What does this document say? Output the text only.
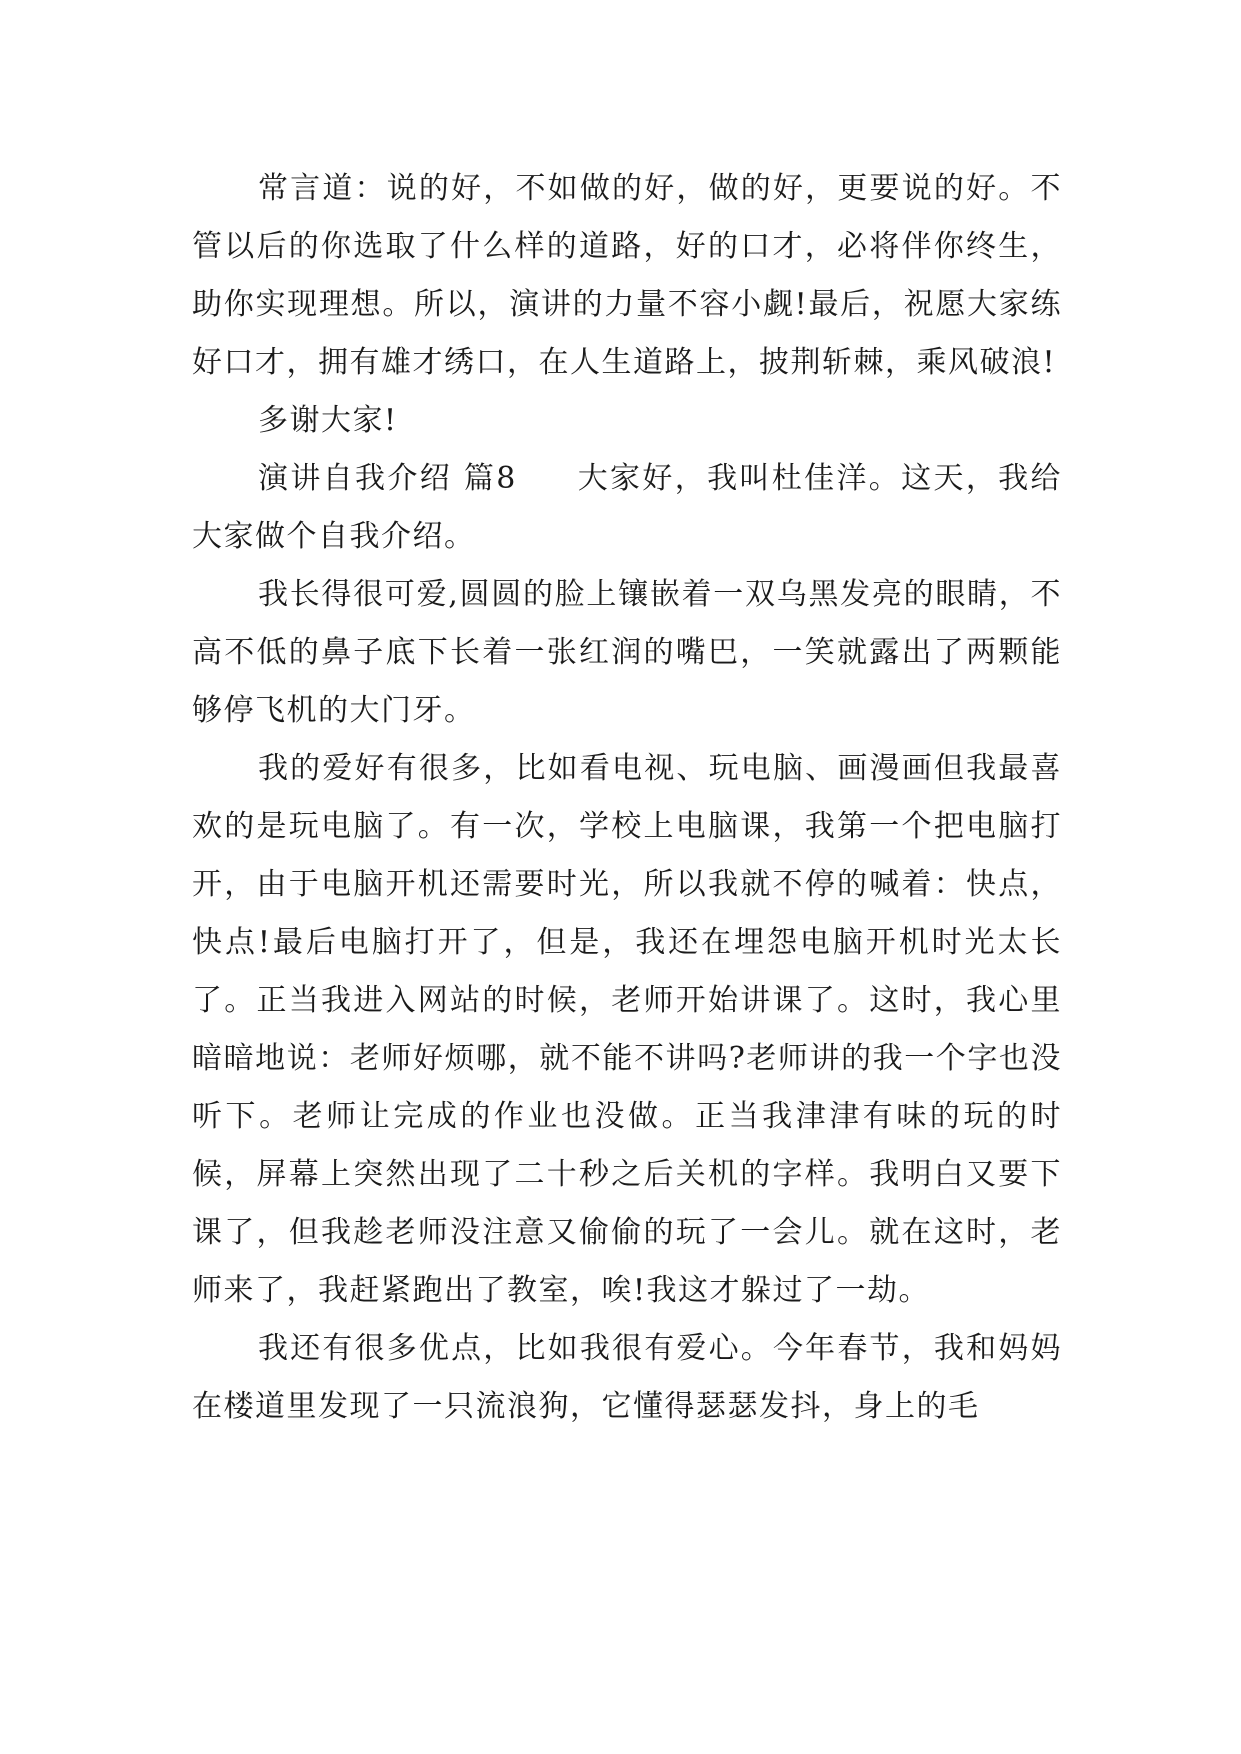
常言道：说的好，不如做的好，做的好，更要说的好。不管以后的你选取了什么样的道路，好的口才，必将伴你终生，助你实现理想。所以，演讲的力量不容小觑!最后，祝愿大家练好口才，拥有雄才绣口，在人生道路上，披荆斩棘，乘风破浪!

多谢大家!

演讲自我介绍 篇8 大家好，我叫杜佳洋。这天，我给大家做个自我介绍。

我长得很可爱,圆圆的脸上镶嵌着一双乌黑发亮的眼睛，不高不低的鼻子底下长着一张红润的嘴巴，一笑就露出了两颗能够停飞机的大门牙。

我的爱好有很多，比如看电视、玩电脑、画漫画但我最喜欢的是玩电脑了。有一次，学校上电脑课，我第一个把电脑打开，由于电脑开机还需要时光，所以我就不停的喊着：快点，快点!最后电脑打开了，但是，我还在埋怨电脑开机时光太长了。正当我进入网站的时候，老师开始讲课了。这时，我心里暗暗地说：老师好烦哪，就不能不讲吗?老师讲的我一个字也没听下。老师让完成的作业也没做。正当我津津有味的玩的时候，屏幕上突然出现了二十秒之后关机的字样。我明白又要下课了，但我趁老师没注意又偷偷的玩了一会儿。就在这时，老师来了，我赶紧跑出了教室，唉!我这才躲过了一劫。

我还有很多优点，比如我很有爱心。今年春节，我和妈妈在楼道里发现了一只流浪狗，它懂得瑟瑟发抖，身上的毛
